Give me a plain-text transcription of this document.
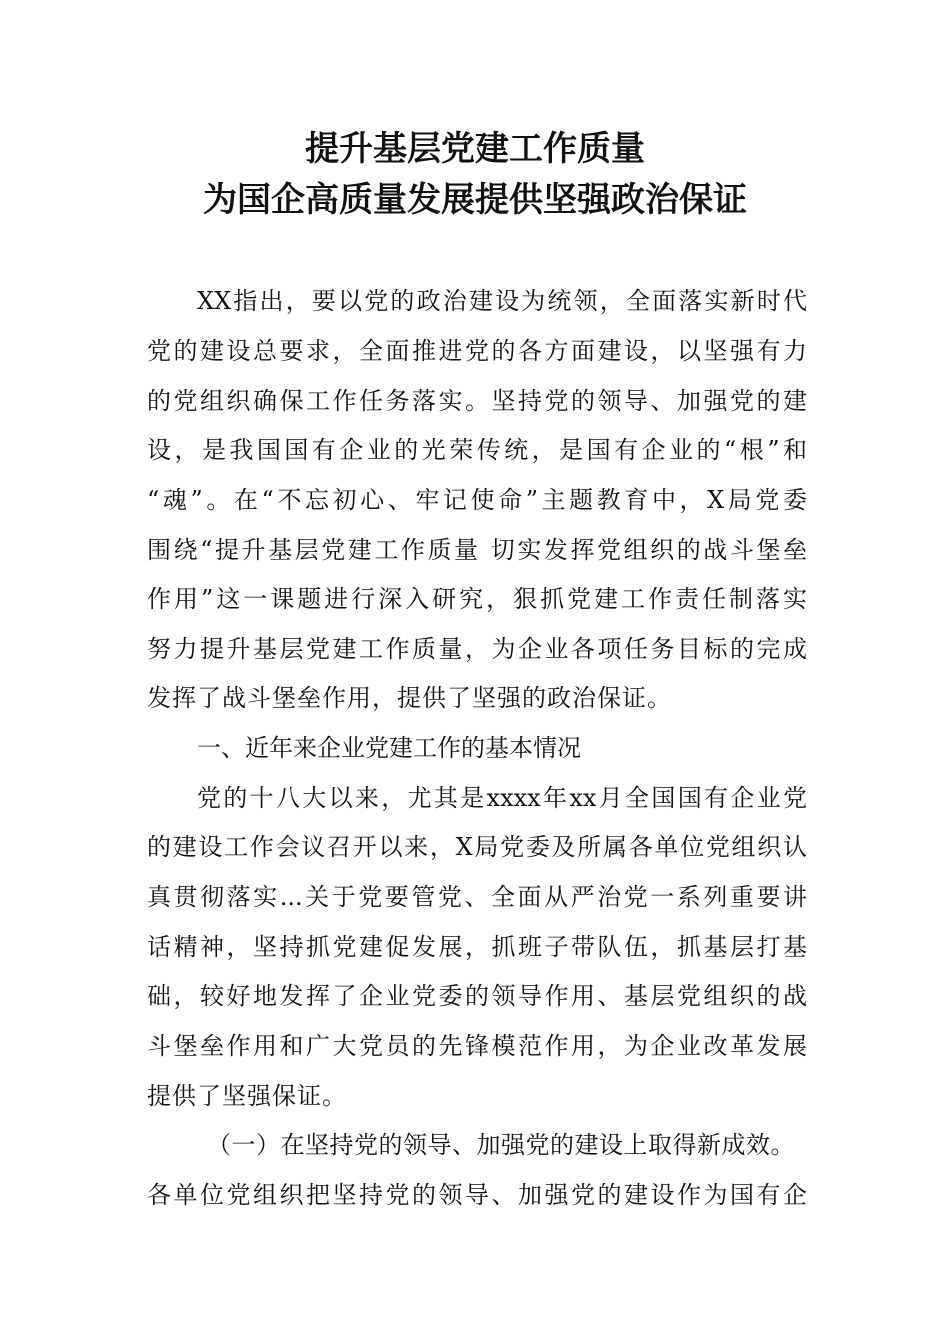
提升基层党建工作质量
为国企高质量发展提供坚强政治保证
XX指出，要以党的政治建设为统领，全面落实新时代
党的建设总要求，全面推进党的各方面建设，以坚强有力
的党组织确保工作任务落实。坚持党的领导、加强党的建
设，是我国国有企业的光荣传统，是国有企业的“根”和
“魂”。在“不忘初心、牢记使命”主题教育中，X局党委
围绕“提升基层党建工作质量 切实发挥党组织的战斗堡垒
作用”这一课题进行深入研究，狠抓党建工作责任制落实
努力提升基层党建工作质量，为企业各项任务目标的完成
发挥了战斗堡垒作用，提供了坚强的政治保证。
一、近年来企业党建工作的基本情况
党的十八大以来，尤其是xxxx年xx月全国国有企业党
的建设工作会议召开以来，X局党委及所属各单位党组织认
真贯彻落实...关于党要管党、全面从严治党一系列重要讲
话精神，坚持抓党建促发展，抓班子带队伍，抓基层打基
础，较好地发挥了企业党委的领导作用、基层党组织的战
斗堡垒作用和广大党员的先锋模范作用，为企业改革发展
提供了坚强保证。
（一）在坚持党的领导、加强党的建设上取得新成效。
各单位党组织把坚持党的领导、加强党的建设作为国有企
